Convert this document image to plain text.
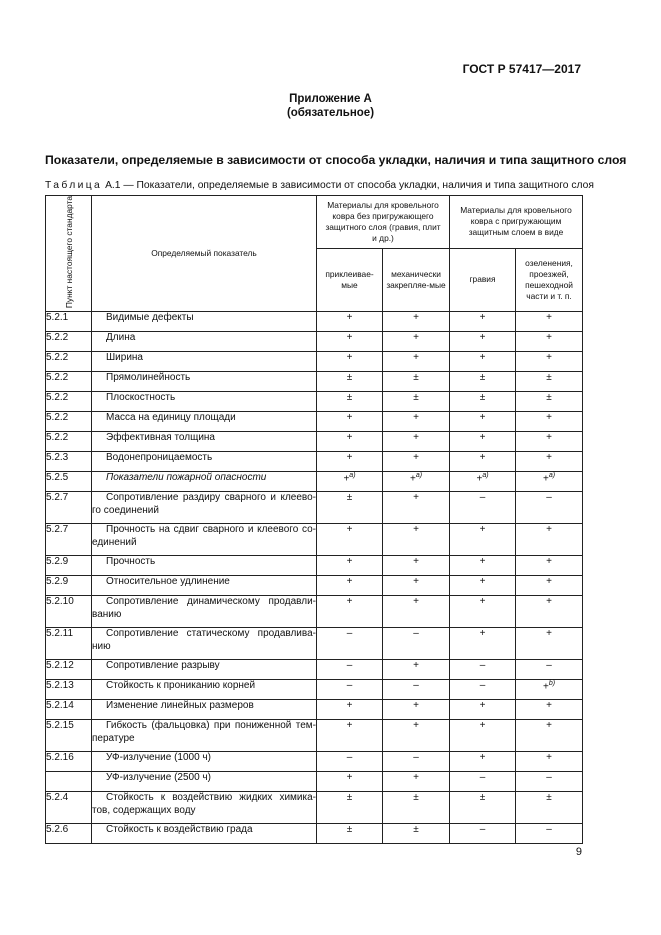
ГОСТ Р 57417—2017
Приложение А
(обязательное)
Показатели, определяемые в зависимости от способа укладки, наличия и типа защитного слоя
Таблица А.1 — Показатели, определяемые в зависимости от способа укладки, наличия и типа защитного слоя
Пункт настоящего стандарта	Определяемый показатель	Материалы для кровельного ковра без пригружающего защитного слоя (гравия, плит и др.)		Материалы для кровельного ковра с пригружающим защитным слоем в виде	
		приклеивае-мые	механически закрепляе-мые	гравия	озеленения, проезжей, пешеходной части и т. п.
5.2.1	Видимые дефекты	+	+	+	+
5.2.2	Длина	+	+	+	+
5.2.2	Ширина	+	+	+	+
5.2.2	Прямолинейность	±	±	±	±
5.2.2	Плоскостность	±	±	±	±
5.2.2	Масса на единицу площади	+	+	+	+
5.2.2	Эффективная толщина	+	+	+	+
5.2.3	Водонепроницаемость	+	+	+	+
5.2.5	Показатели пожарной опасности	+$^{a)}$	+$^{a)}$	+$^{a)}$	+$^{a)}$
5.2.7	Сопротивление раздиру сварного и клеево-го соединений	±	+	–	–
5.2.7	Прочность на сдвиг сварного и клеевого со-единений	+	+	+	+
5.2.9	Прочность	+	+	+	+
5.2.9	Относительное удлинение	+	+	+	+
5.2.10	Сопротивление динамическому продавли-ванию	+	+	+	+
5.2.11	Сопротивление статическому продавлива-нию	–	–	+	+
5.2.12	Сопротивление разрыву	–	+	–	–
5.2.13	Стойкость к прониканию корней	–	–	–	+$^{b)}$
5.2.14	Изменение линейных размеров	+	+	+	+
5.2.15	Гибкость (фальцовка) при пониженной тем-пературе	+	+	+	+
5.2.16	УФ-излучение (1000 ч)	–	–	+	+
	УФ-излучение (2500 ч)	+	+	–	–
5.2.4	Стойкость к воздействию жидких химика-тов, содержащих воду	±	±	±	±
5.2.6	Стойкость к воздействию града	±	±	–	–
9
